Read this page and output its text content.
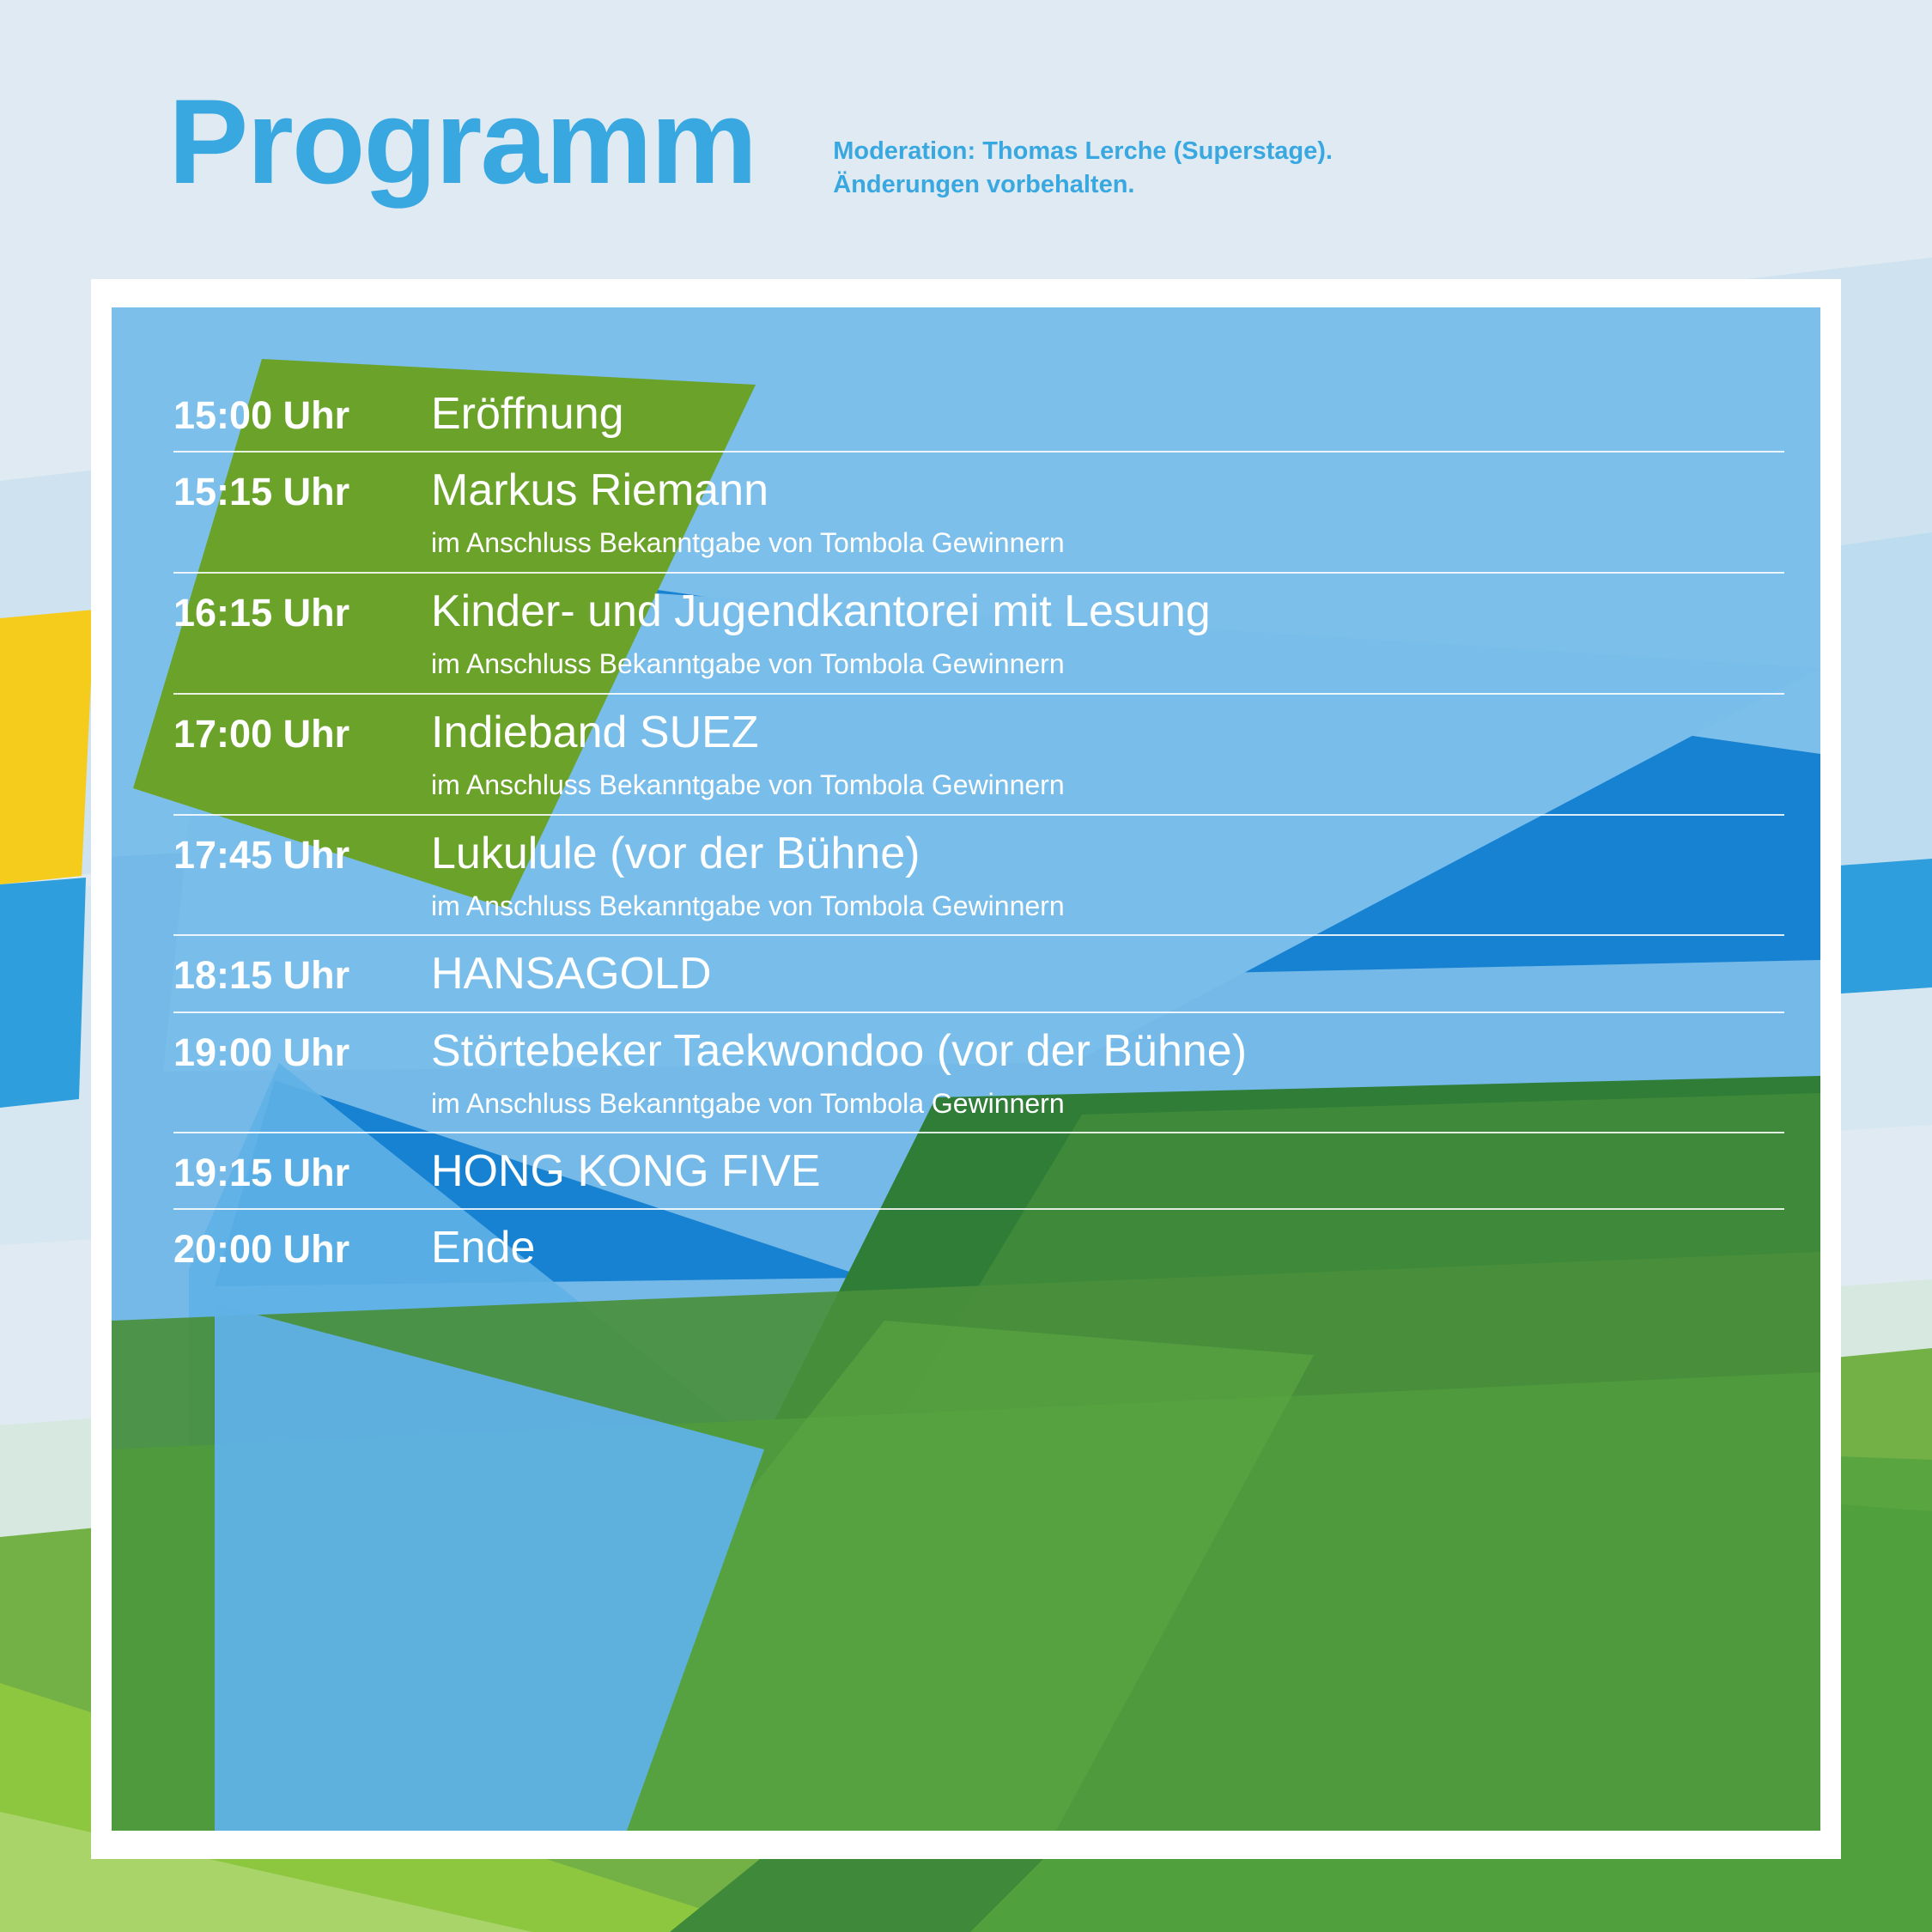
Programm	Moderation: Thomas Lerche (Superstage).
Änderungen vorbehalten.
15:00 Uhr	Eröffnung
15:15 Uhr	Markus Riemann
im Anschluss Bekanntgabe von Tombola Gewinnern
16:15 Uhr	Kinder- und Jugendkantorei mit Lesung
im Anschluss Bekanntgabe von Tombola Gewinnern
17:00 Uhr	Indieband SUEZ
im Anschluss Bekanntgabe von Tombola Gewinnern
17:45 Uhr	Lukulule (vor der Bühne)
im Anschluss Bekanntgabe von Tombola Gewinnern
18:15 Uhr	HANSAGOLD
19:00 Uhr	Störtebeker Taekwondoo (vor der Bühne)
im Anschluss Bekanntgabe von Tombola Gewinnern
19:15 Uhr	HONG KONG FIVE
20:00 Uhr	Ende
